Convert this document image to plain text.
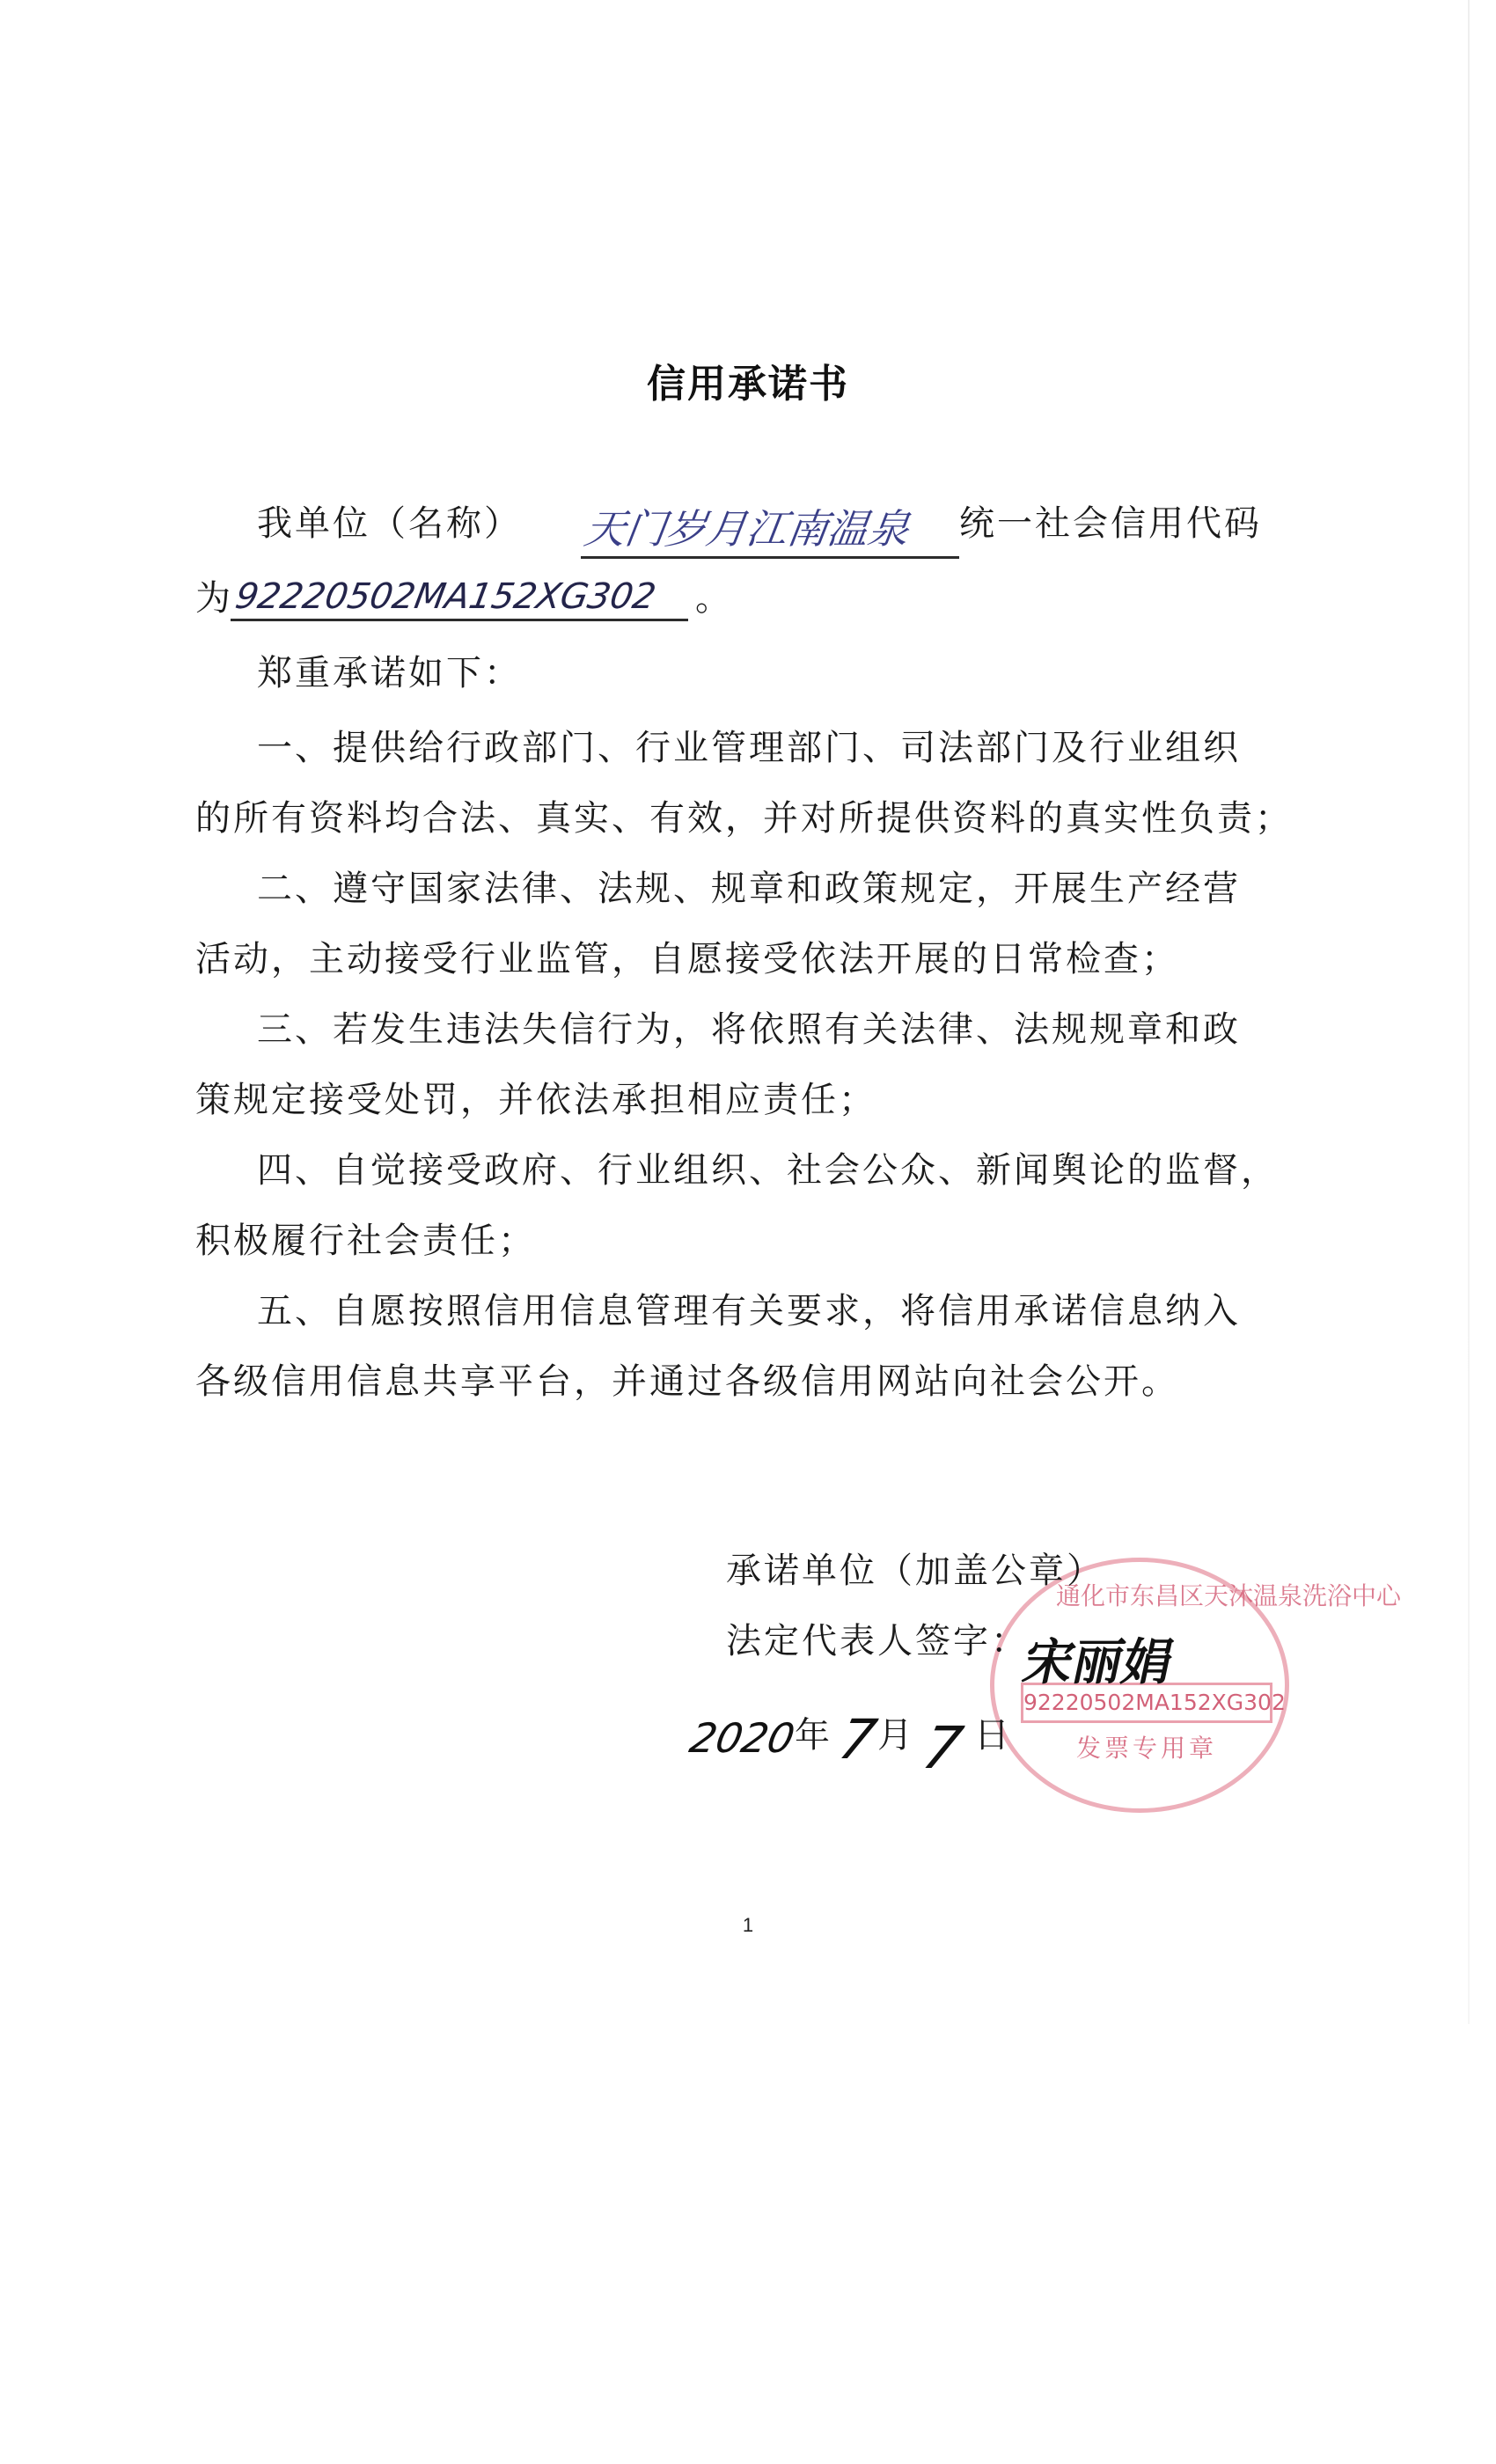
信用承诺书
我单位（名称） 天门岁月江南温泉	统一社会信用代码
为
92220502MA152XG302 。
郑重承诺如下：
一、提供给行政部门、行业管理部门、司法部门及行业组织
的所有资料均合法、真实、有效，并对所提供资料的真实性负责；
二、遵守国家法律、法规、规章和政策规定，开展生产经营
活动，主动接受行业监管，自愿接受依法开展的日常检查；
三、若发生违法失信行为，将依照有关法律、法规规章和政
策规定接受处罚，并依法承担相应责任；
四、自觉接受政府、行业组织、社会公众、新闻舆论的监督，
积极履行社会责任；
五、自愿按照信用信息管理有关要求，将信用承诺信息纳入
各级信用信息共享平台，并通过各级信用网站向社会公开。
通化市东昌区天沐温泉洗浴中心
92220502MA152XG302
发票专用章
承诺单位（加盖公章）
法定代表人签字：
宋丽娟
2020
年 7
月 7 日
1
